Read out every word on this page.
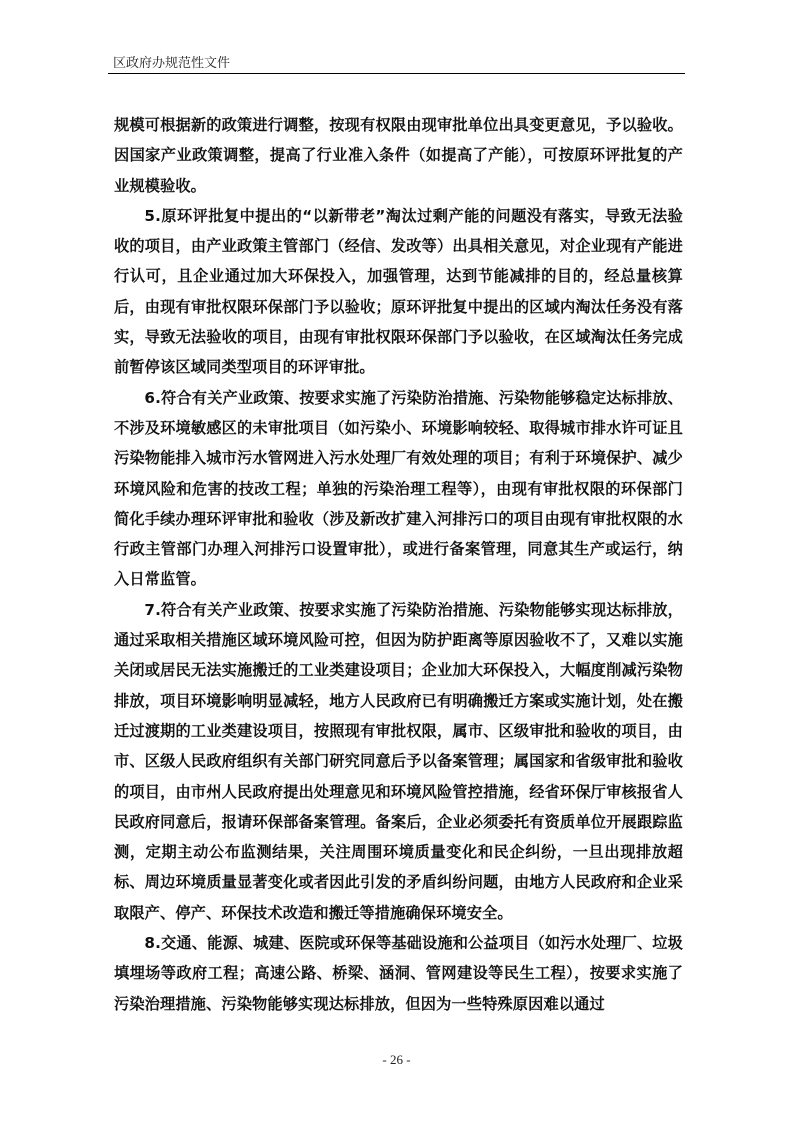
区政府办规范性文件

规模可根据新的政策进行调整，按现有权限由现审批单位出具变更意见，予以验收。因国家产业政策调整，提高了行业准入条件（如提高了产能），可按原环评批复的产业规模验收。

5.原环评批复中提出的“以新带老”淘汰过剩产能的问题没有落实，导致无法验收的项目，由产业政策主管部门（经信、发改等）出具相关意见，对企业现有产能进行认可，且企业通过加大环保投入，加强管理，达到节能减排的目的，经总量核算后，由现有审批权限环保部门予以验收；原环评批复中提出的区域内淘汰任务没有落实，导致无法验收的项目，由现有审批权限环保部门予以验收，在区域淘汰任务完成前暂停该区域同类型项目的环评审批。

6.符合有关产业政策、按要求实施了污染防治措施、污染物能够稳定达标排放、不涉及环境敏感区的未审批项目（如污染小、环境影响较轻、取得城市排水许可证且污染物能排入城市污水管网进入污水处理厂有效处理的项目；有利于环境保护、减少环境风险和危害的技改工程；单独的污染治理工程等），由现有审批权限的环保部门简化手续办理环评审批和验收（涉及新改扩建入河排污口的项目由现有审批权限的水行政主管部门办理入河排污口设置审批），或进行备案管理，同意其生产或运行，纳入日常监管。

7.符合有关产业政策、按要求实施了污染防治措施、污染物能够实现达标排放，通过采取相关措施区域环境风险可控，但因为防护距离等原因验收不了，又难以实施关闭或居民无法实施搬迁的工业类建设项目；企业加大环保投入，大幅度削减污染物排放，项目环境影响明显减轻，地方人民政府已有明确搬迁方案或实施计划，处在搬迁过渡期的工业类建设项目，按照现有审批权限，属市、区级审批和验收的项目，由市、区级人民政府组织有关部门研究同意后予以备案管理；属国家和省级审批和验收的项目，由市州人民政府提出处理意见和环境风险管控措施，经省环保厅审核报省人民政府同意后，报请环保部备案管理。备案后，企业必须委托有资质单位开展跟踪监测，定期主动公布监测结果，关注周围环境质量变化和民企纠纷，一旦出现排放超标、周边环境质量显著变化或者因此引发的矛盾纠纷问题，由地方人民政府和企业采取限产、停产、环保技术改造和搬迁等措施确保环境安全。

8.交通、能源、城建、医院或环保等基础设施和公益项目（如污水处理厂、垃圾填埋场等政府工程；高速公路、桥梁、涵洞、管网建设等民生工程），按要求实施了污染治理措施、污染物能够实现达标排放，但因为一些特殊原因难以通过

- 26 -
